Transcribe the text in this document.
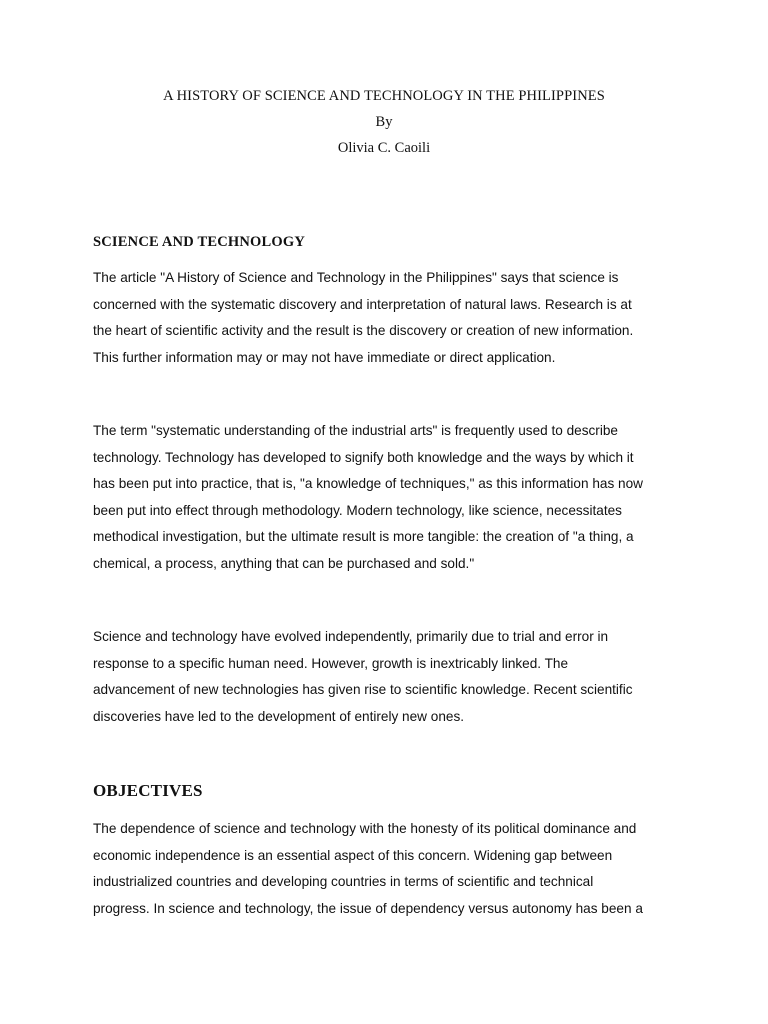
A HISTORY OF SCIENCE AND TECHNOLOGY IN THE PHILIPPINES
By
Olivia C. Caoili
SCIENCE AND TECHNOLOGY

The article "A History of Science and Technology in the Philippines" says that science is
concerned with the systematic discovery and interpretation of natural laws. Research is at
the heart of scientific activity and the result is the discovery or creation of new information.
This further information may or may not have immediate or direct application.

The term "systematic understanding of the industrial arts" is frequently used to describe
technology. Technology has developed to signify both knowledge and the ways by which it
has been put into practice, that is, "a knowledge of techniques," as this information has now
been put into effect through methodology. Modern technology, like science, necessitates
methodical investigation, but the ultimate result is more tangible: the creation of "a thing, a
chemical, a process, anything that can be purchased and sold."

Science and technology have evolved independently, primarily due to trial and error in
response to a specific human need. However, growth is inextricably linked. The
advancement of new technologies has given rise to scientific knowledge. Recent scientific
discoveries have led to the development of entirely new ones.

OBJECTIVES

The dependence of science and technology with the honesty of its political dominance and
economic independence is an essential aspect of this concern. Widening gap between
industrialized countries and developing countries in terms of scientific and technical
progress. In science and technology, the issue of dependency versus autonomy has been a
